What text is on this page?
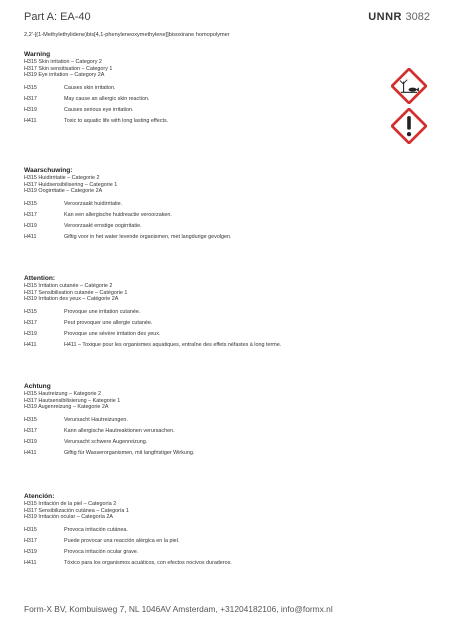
Part A: EA-40	UNNR 3082
2,2'-[(1-Methylethylidene)bis[4,1-phenyleneoxymethylene]]bisoxirane homopolymer
Warning
H315 Skin irritation – Category 2
H317 Skin sensitisation – Category 1
H319 Eye irritation – Category 2A
H315	Causes skin irritation.
H317	May cause an allergic skin reaction.
H319	Causes serious eye irritation.
H411	Toxic to aquatic life with long lasting effects.
Waarschuwing:
H315 Huidirritatie – Categorie 2
H317 Huidsensibilisering – Categorie 1
H319 Oogirritatie – Categorie 2A
H315	Veroorzaakt huidirritatie.
H317	Kan een allergische huidreactie veroorzaken.
H319	Veroorzaakt ernstige oogirritatie.
H411	Giftig voor in het water levende organismen, met langdurige gevolgen.
Attention:
H315 Irritation cutanée – Catégorie 2
H317 Sensibilisation cutanée – Catégorie 1
H319 Irritation des yeux – Catégorie 2A
H315	Provoque une irritation cutanée.
H317	Peut provoquer une allergie cutanée.
H319	Provoque une sévère irritation des yeux.
H411	H411 – Toxique pour les organismes aquatiques, entraîne des effets néfastes à long terme.
Achtung
H315 Hautreizung – Kategorie 2
H317 Hautsensibilisierung – Kategorie 1
H319 Augenreizung – Kategorie 2A
H315	Verursacht Hautreizungen.
H317	Kann allergische Hautreaktionen verursachen.
H319	Verursacht schwere Augenreizung.
H411	Giftig für Wasserorganismen, mit langfristiger Wirkung.
Atención:
H315 Irritación de la piel – Categoría 2
H317 Sensibilización cutánea – Categoría 1
H319 Irritación ocular – Categoría 2A
H315	Provoca irritación cutánea.
H317	Puede provocar una reacción alérgica en la piel.
H319	Provoca irritación ocular grave.
H411	Tóxico para los organismos acuáticos, con efectos nocivos duraderos.
Form-X BV, Kombuisweg 7, NL 1046AV Amsterdam, +31204182106, info@formx.nl
